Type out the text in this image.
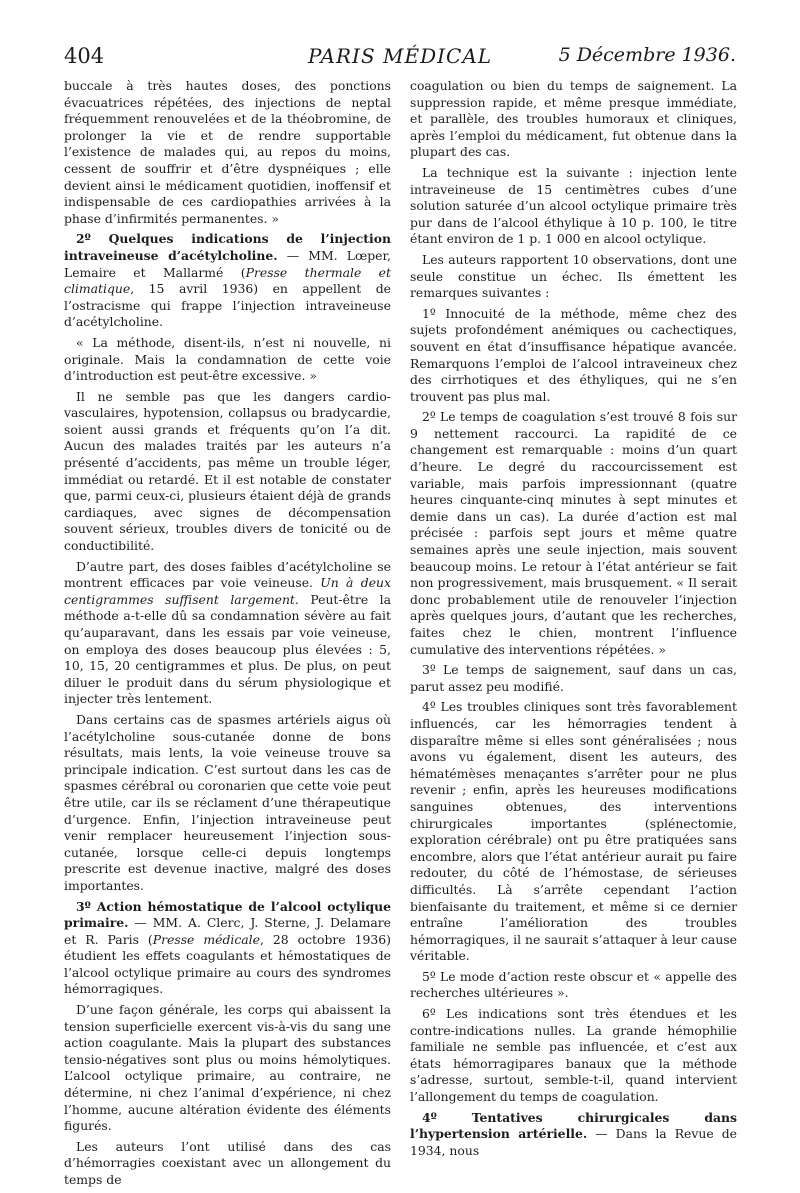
404	PARIS MÉDICAL	5 Décembre 1936.

buccale à très hautes doses, des ponctions évacuatrices répétées, des injections de neptal fréquemment renouvelées et de la théobromine, de prolonger la vie et de rendre supportable l’existence de malades qui, au repos du moins, cessent de souffrir et d’être dyspnéiques ; elle devient ainsi le médicament quotidien, inoffensif et indispensable de ces cardiopathies arrivées à la phase d’infirmités permanentes. »

2º Quelques indications de l’injection intraveineuse d’acétylcholine. — MM. Lœper, Lemaire et Mallarmé (Presse thermale et climatique, 15 avril 1936) en appellent de l’ostracisme qui frappe l’injection intraveineuse d’acétylcholine.

« La méthode, disent-ils, n’est ni nouvelle, ni originale. Mais la condamnation de cette voie d’introduction est peut-être excessive. »

Il ne semble pas que les dangers cardio-vasculaires, hypotension, collapsus ou bradycardie, soient aussi grands et fréquents qu’on l’a dit. Aucun des malades traités par les auteurs n’a présenté d’accidents, pas même un trouble léger, immédiat ou retardé. Et il est notable de constater que, parmi ceux-ci, plusieurs étaient déjà de grands cardiaques, avec signes de décompensation souvent sérieux, troubles divers de tonicité ou de conductibilité.

D’autre part, des doses faibles d’acétylcholine se montrent efficaces par voie veineuse. Un à deux centigrammes suffisent largement. Peut-être la méthode a-t-elle dû sa condamnation sévère au fait qu’auparavant, dans les essais par voie veineuse, on employa des doses beaucoup plus élevées : 5, 10, 15, 20 centigrammes et plus. De plus, on peut diluer le produit dans du sérum physiologique et injecter très lentement.

Dans certains cas de spasmes artériels aigus où l’acétylcholine sous-cutanée donne de bons résultats, mais lents, la voie veineuse trouve sa principale indication. C’est surtout dans les cas de spasmes cérébral ou coronarien que cette voie peut être utile, car ils se réclament d’une thérapeutique d’urgence. Enfin, l’injection intraveineuse peut venir remplacer heureusement l’injection sous-cutanée, lorsque celle-ci depuis longtemps prescrite est devenue inactive, malgré des doses importantes.

3º Action hémostatique de l’alcool octylique primaire. — MM. A. Clerc, J. Sterne, J. Delamare et R. Paris (Presse médicale, 28 octobre 1936) étudient les effets coagulants et hémostatiques de l’alcool octylique primaire au cours des syndromes hémorragiques.

D’une façon générale, les corps qui abaissent la tension superficielle exercent vis-à-vis du sang une action coagulante. Mais la plupart des substances tensio-négatives sont plus ou moins hémolytiques. L’alcool octylique primaire, au contraire, ne détermine, ni chez l’animal d’expérience, ni chez l’homme, aucune altération évidente des éléments figurés.

Les auteurs l’ont utilisé dans des cas d’hémorragies coexistant avec un allongement du temps de

coagulation ou bien du temps de saignement. La suppression rapide, et même presque immédiate, et parallèle, des troubles humoraux et cliniques, après l’emploi du médicament, fut obtenue dans la plupart des cas.

La technique est la suivante : injection lente intraveineuse de 15 centimètres cubes d’une solution saturée d’un alcool octylique primaire très pur dans de l’alcool éthylique à 10 p. 100, le titre étant environ de 1 p. 1 000 en alcool octylique.

Les auteurs rapportent 10 observations, dont une seule constitue un échec. Ils émettent les remarques suivantes :

1º Innocuité de la méthode, même chez des sujets profondément anémiques ou cachectiques, souvent en état d’insuffisance hépatique avancée. Remarquons l’emploi de l’alcool intraveineux chez des cirrhotiques et des éthyliques, qui ne s’en trouvent pas plus mal.

2º Le temps de coagulation s’est trouvé 8 fois sur 9 nettement raccourci. La rapidité de ce changement est remarquable : moins d’un quart d’heure. Le degré du raccourcissement est variable, mais parfois impressionnant (quatre heures cinquante-cinq minutes à sept minutes et demie dans un cas). La durée d’action est mal précisée : parfois sept jours et même quatre semaines après une seule injection, mais souvent beaucoup moins. Le retour à l’état antérieur se fait non progressivement, mais brusquement. « Il serait donc probablement utile de renouveler l’injection après quelques jours, d’autant que les recherches, faites chez le chien, montrent l’influence cumulative des interventions répétées. »

3º Le temps de saignement, sauf dans un cas, parut assez peu modifié.

4º Les troubles cliniques sont très favorablement influencés, car les hémorragies tendent à disparaître même si elles sont généralisées ; nous avons vu également, disent les auteurs, des hématémèses menaçantes s’arrêter pour ne plus revenir ; enfin, après les heureuses modifications sanguines obtenues, des interventions chirurgicales importantes (splénectomie, exploration cérébrale) ont pu être pratiquées sans encombre, alors que l’état antérieur aurait pu faire redouter, du côté de l’hémostase, de sérieuses difficultés. Là s’arrête cependant l’action bienfaisante du traitement, et même si ce dernier entraîne l’amélioration des troubles hémorragiques, il ne saurait s’attaquer à leur cause véritable.

5º Le mode d’action reste obscur et « appelle des recherches ultérieures ».

6º Les indications sont très étendues et les contre-indications nulles. La grande hémophilie familiale ne semble pas influencée, et c’est aux états hémorragipares banaux que la méthode s’adresse, surtout, semble-t-il, quand intervient l’allongement du temps de coagulation.

4º Tentatives chirurgicales dans l’hypertension artérielle. — Dans la Revue de 1934, nous
